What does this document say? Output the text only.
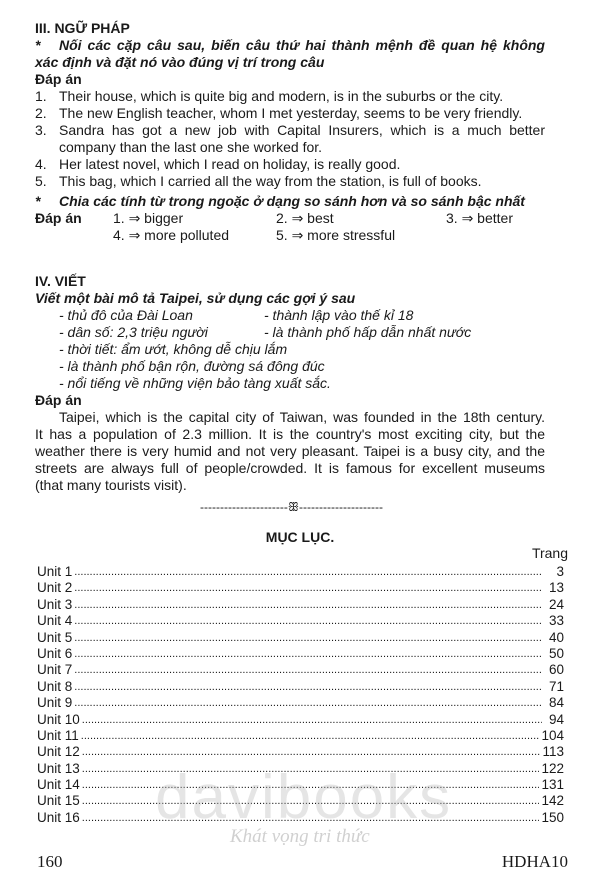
III. NGỮ PHÁP
* Nối các cặp câu sau, biến câu thứ hai thành mệnh đề quan hệ không
xác định và đặt nó vào đúng vị trí trong câu
Đáp án
1. Their house, which is quite big and modern, is in the suburbs or the city.
2. The new English teacher, whom I met yesterday, seems to be very friendly.
3. Sandra has got a new job with Capital Insurers, which is a much better
company than the last one she worked for.
4. Her latest novel, which I read on holiday, is really good.
5. This bag, which I carried all the way from the station, is full of books.
* Chia các tính từ trong ngoặc ở dạng so sánh hơn và so sánh bậc nhất
Đáp án 1. ⇒ bigger	2. ⇒ best	3. ⇒ better
4. ⇒ more polluted	5. ⇒ more stressful
IV. VIẾT
Viết một bài mô tả Taipei, sử dụng các gợi ý sau
- thủ đô của Đài Loan	- thành lập vào thế kỉ 18
- dân số: 2,3 triệu người	- là thành phố hấp dẫn nhất nước
- thời tiết: ẩm ướt, không dễ chịu lắm
- là thành phố bận rộn, đường sá đông đúc
- nổi tiếng về những viện bảo tàng xuất sắc.
Đáp án
Taipei, which is the capital city of Taiwan, was founded in the 18th century.
It has a population of 2.3 million. It is the country's most exciting city, but the
weather there is very humid and not very pleasant. Taipei is a busy city, and the
streets are always full of people/crowded. It is famous for excellent museums
(that many tourists visit).
----------------------ꕥ---------------------
MỤC LỤC.
Trang
Unit 1 .....	3
Unit 2 .....	13
Unit 3 .....	24
Unit 4 .....	33
Unit 5 .....	40
Unit 6 .....	50
Unit 7 .....	60
Unit 8 .....	71
Unit 9 .....	84
Unit 10 .....	94
Unit 11 .....	104
Unit 12 .....	113
Unit 13 .....	122
Unit 14 .....	131
Unit 15 .....	142
Unit 16 .....	150
davibooks
Khát vọng tri thức
160	HDHA10
